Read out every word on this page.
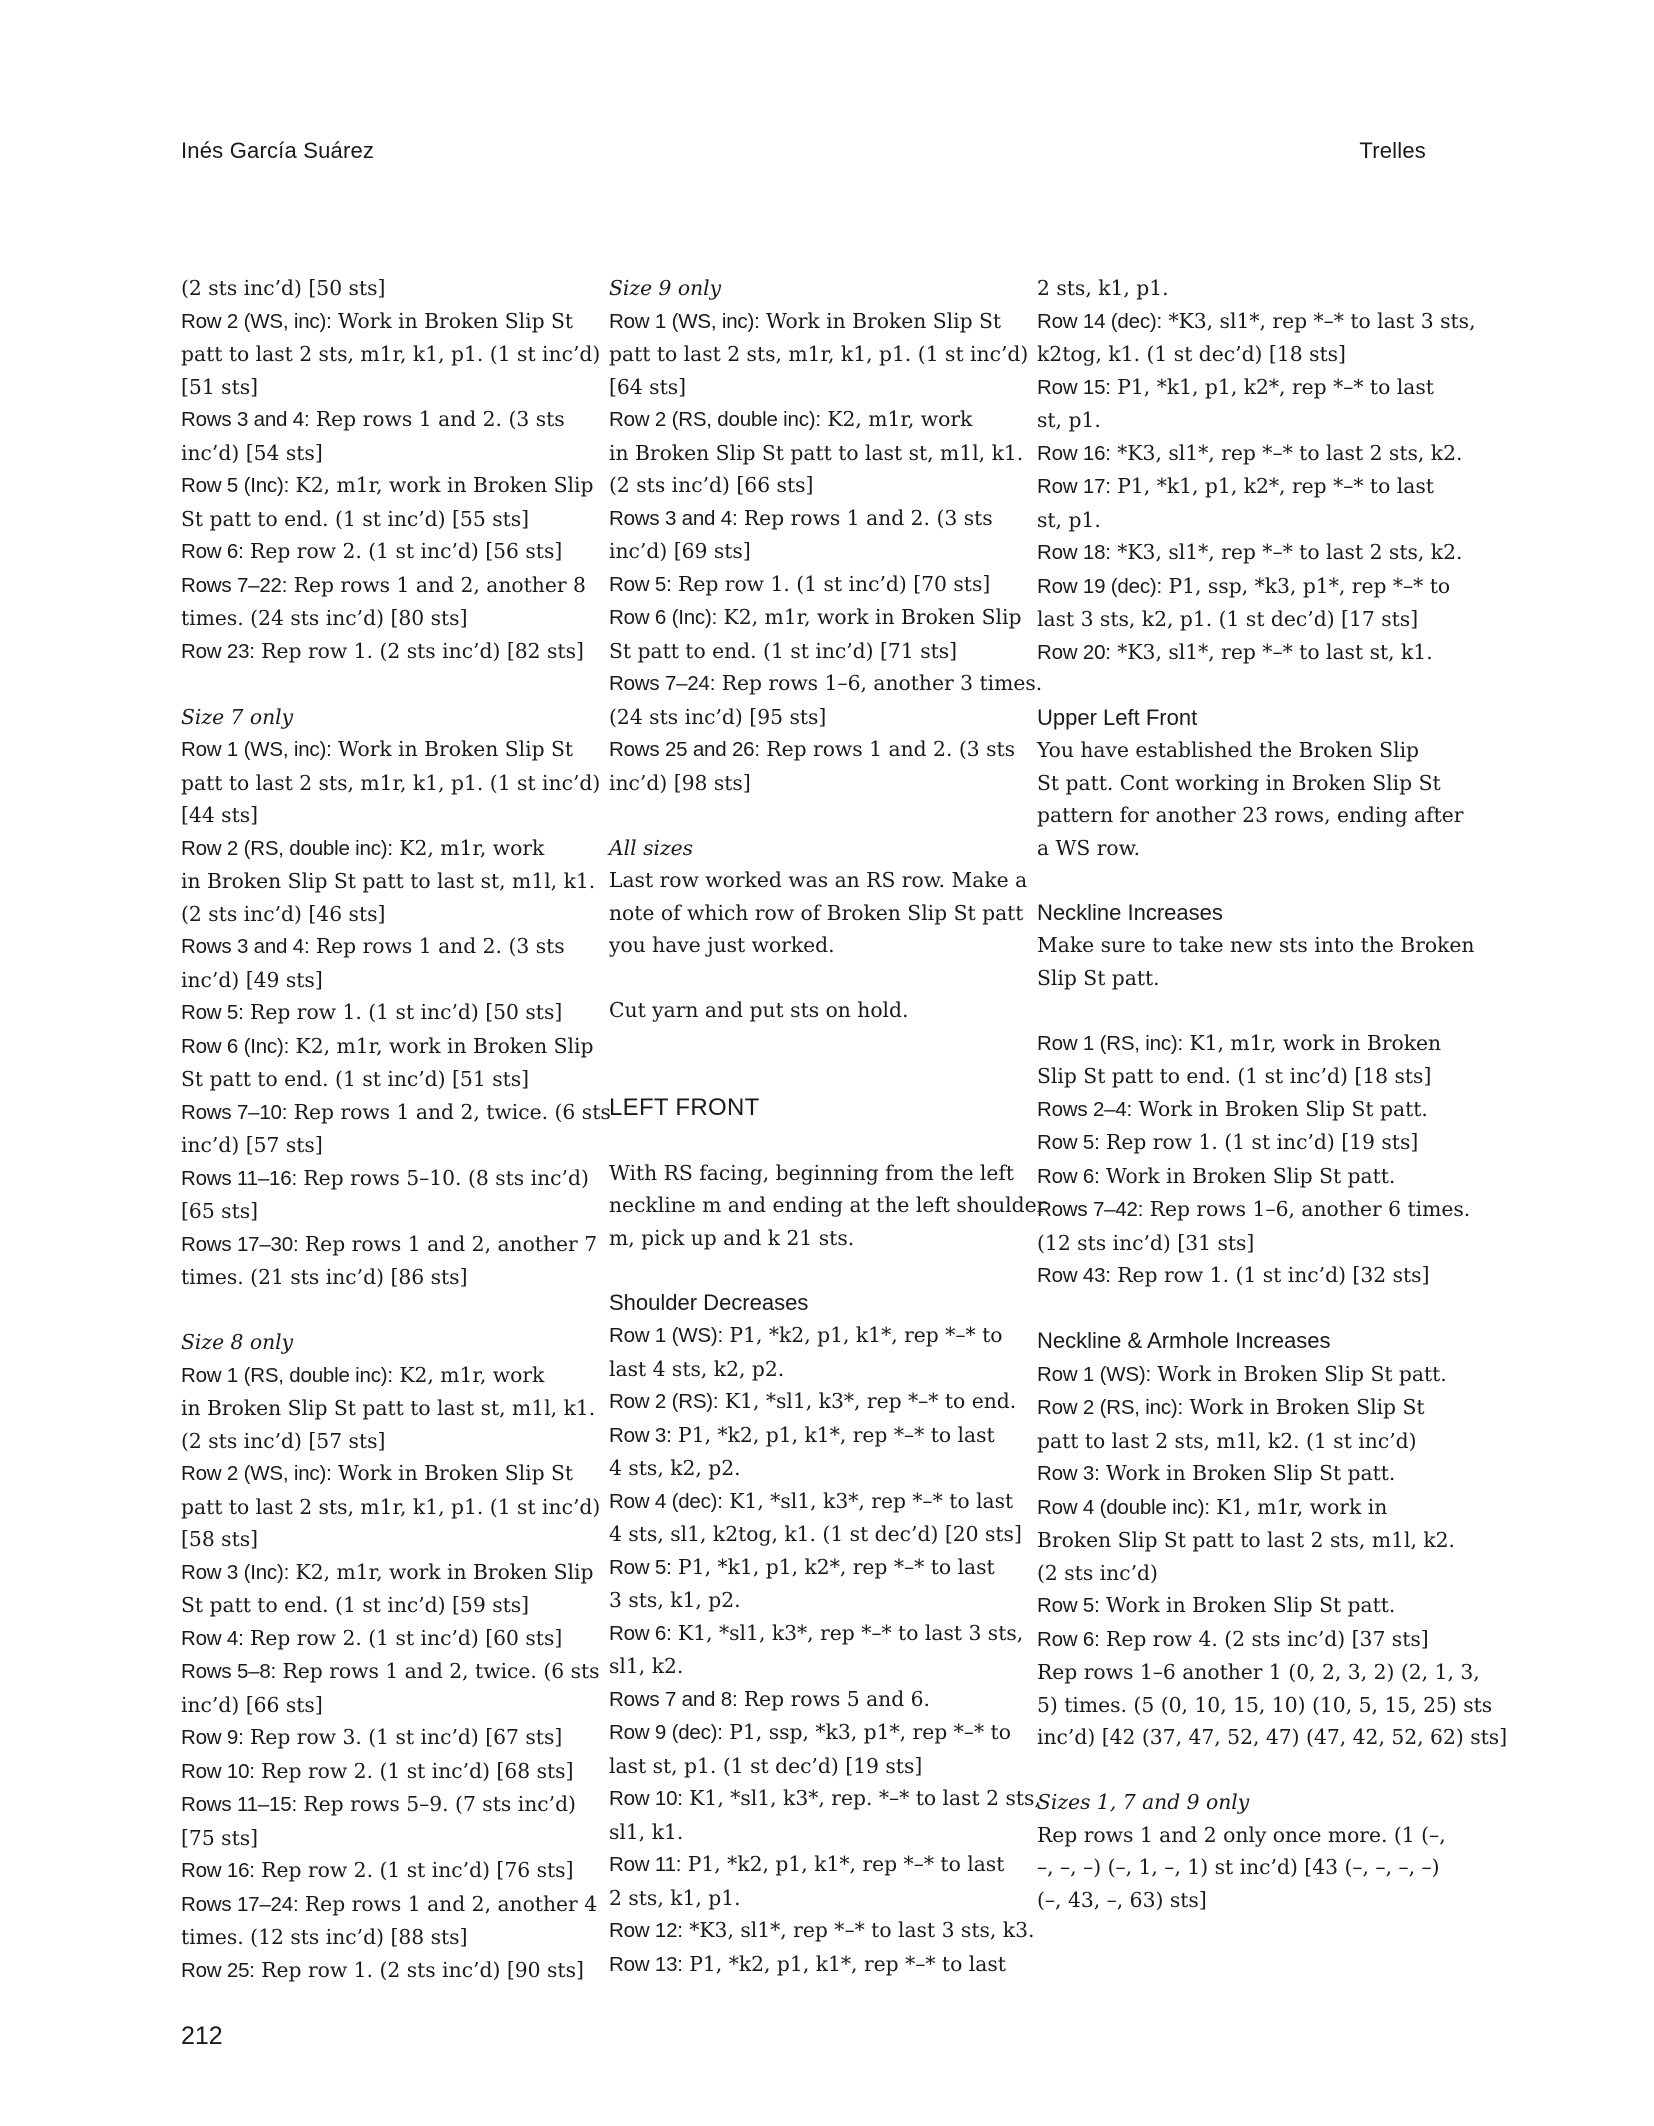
Inés García Suárez	Trelles
(2 sts inc’d) [50 sts]
Row 2 (WS, inc): Work in Broken Slip St
patt to last 2 sts, m1r, k1, p1. (1 st inc’d)
[51 sts]
Rows 3 and 4: Rep rows 1 and 2. (3 sts
inc’d) [54 sts]
Row 5 (Inc): K2, m1r, work in Broken Slip
St patt to end. (1 st inc’d) [55 sts]
Row 6: Rep row 2. (1 st inc’d) [56 sts]
Rows 7–22: Rep rows 1 and 2, another 8
times. (24 sts inc’d) [80 sts]
Row 23: Rep row 1. (2 sts inc’d) [82 sts]
Size 7 only
Row 1 (WS, inc): Work in Broken Slip St
patt to last 2 sts, m1r, k1, p1. (1 st inc’d)
[44 sts]
Row 2 (RS, double inc): K2, m1r, work
in Broken Slip St patt to last st, m1l, k1.
(2 sts inc’d) [46 sts]
Rows 3 and 4: Rep rows 1 and 2. (3 sts
inc’d) [49 sts]
Row 5: Rep row 1. (1 st inc’d) [50 sts]
Row 6 (Inc): K2, m1r, work in Broken Slip
St patt to end. (1 st inc’d) [51 sts]
Rows 7–10: Rep rows 1 and 2, twice. (6 sts
inc’d) [57 sts]
Rows 11–16: Rep rows 5–10. (8 sts inc’d)
[65 sts]
Rows 17–30: Rep rows 1 and 2, another 7
times. (21 sts inc’d) [86 sts]
Size 8 only
Row 1 (RS, double inc): K2, m1r, work
in Broken Slip St patt to last st, m1l, k1.
(2 sts inc’d) [57 sts]
Row 2 (WS, inc): Work in Broken Slip St
patt to last 2 sts, m1r, k1, p1. (1 st inc’d)
[58 sts]
Row 3 (Inc): K2, m1r, work in Broken Slip
St patt to end. (1 st inc’d) [59 sts]
Row 4: Rep row 2. (1 st inc’d) [60 sts]
Rows 5–8: Rep rows 1 and 2, twice. (6 sts
inc’d) [66 sts]
Row 9: Rep row 3. (1 st inc’d) [67 sts]
Row 10: Rep row 2. (1 st inc’d) [68 sts]
Rows 11–15: Rep rows 5–9. (7 sts inc’d)
[75 sts]
Row 16: Rep row 2. (1 st inc’d) [76 sts]
Rows 17–24: Rep rows 1 and 2, another 4
times. (12 sts inc’d) [88 sts]
Row 25: Rep row 1. (2 sts inc’d) [90 sts]
Size 9 only
Row 1 (WS, inc): Work in Broken Slip St
patt to last 2 sts, m1r, k1, p1. (1 st inc’d)
[64 sts]
Row 2 (RS, double inc): K2, m1r, work
in Broken Slip St patt to last st, m1l, k1.
(2 sts inc’d) [66 sts]
Rows 3 and 4: Rep rows 1 and 2. (3 sts
inc’d) [69 sts]
Row 5: Rep row 1. (1 st inc’d) [70 sts]
Row 6 (Inc): K2, m1r, work in Broken Slip
St patt to end. (1 st inc’d) [71 sts]
Rows 7–24: Rep rows 1–6, another 3 times.
(24 sts inc’d) [95 sts]
Rows 25 and 26: Rep rows 1 and 2. (3 sts
inc’d) [98 sts]
All sizes
Last row worked was an RS row. Make a
note of which row of Broken Slip St patt
you have just worked.
Cut yarn and put sts on hold.
LEFT FRONT
With RS facing, beginning from the left
neckline m and ending at the left shoulder
m, pick up and k 21 sts.
Shoulder Decreases
Row 1 (WS): P1, *k2, p1, k1*, rep *–* to
last 4 sts, k2, p2.
Row 2 (RS): K1, *sl1, k3*, rep *–* to end.
Row 3: P1, *k2, p1, k1*, rep *–* to last
4 sts, k2, p2.
Row 4 (dec): K1, *sl1, k3*, rep *–* to last
4 sts, sl1, k2tog, k1. (1 st dec’d) [20 sts]
Row 5: P1, *k1, p1, k2*, rep *–* to last
3 sts, k1, p2.
Row 6: K1, *sl1, k3*, rep *–* to last 3 sts,
sl1, k2.
Rows 7 and 8: Rep rows 5 and 6.
Row 9 (dec): P1, ssp, *k3, p1*, rep *–* to
last st, p1. (1 st dec’d) [19 sts]
Row 10: K1, *sl1, k3*, rep. *–* to last 2 sts,
sl1, k1.
Row 11: P1, *k2, p1, k1*, rep *–* to last
2 sts, k1, p1.
Row 12: *K3, sl1*, rep *–* to last 3 sts, k3.
Row 13: P1, *k2, p1, k1*, rep *–* to last
2 sts, k1, p1.
Row 14 (dec): *K3, sl1*, rep *–* to last 3 sts,
k2tog, k1. (1 st dec’d) [18 sts]
Row 15: P1, *k1, p1, k2*, rep *–* to last
st, p1.
Row 16: *K3, sl1*, rep *–* to last 2 sts, k2.
Row 17: P1, *k1, p1, k2*, rep *–* to last
st, p1.
Row 18: *K3, sl1*, rep *–* to last 2 sts, k2.
Row 19 (dec): P1, ssp, *k3, p1*, rep *–* to
last 3 sts, k2, p1. (1 st dec’d) [17 sts]
Row 20: *K3, sl1*, rep *–* to last st, k1.
Upper Left Front
You have established the Broken Slip
St patt. Cont working in Broken Slip St
pattern for another 23 rows, ending after
a WS row.
Neckline Increases
Make sure to take new sts into the Broken
Slip St patt.
Row 1 (RS, inc): K1, m1r, work in Broken
Slip St patt to end. (1 st inc’d) [18 sts]
Rows 2–4: Work in Broken Slip St patt.
Row 5: Rep row 1. (1 st inc’d) [19 sts]
Row 6: Work in Broken Slip St patt.
Rows 7–42: Rep rows 1–6, another 6 times.
(12 sts inc’d) [31 sts]
Row 43: Rep row 1. (1 st inc’d) [32 sts]
Neckline & Armhole Increases
Row 1 (WS): Work in Broken Slip St patt.
Row 2 (RS, inc): Work in Broken Slip St
patt to last 2 sts, m1l, k2. (1 st inc’d)
Row 3: Work in Broken Slip St patt.
Row 4 (double inc): K1, m1r, work in
Broken Slip St patt to last 2 sts, m1l, k2.
(2 sts inc’d)
Row 5: Work in Broken Slip St patt.
Row 6: Rep row 4. (2 sts inc’d) [37 sts]
Rep rows 1–6 another 1 (0, 2, 3, 2) (2, 1, 3,
5) times. (5 (0, 10, 15, 10) (10, 5, 15, 25) sts
inc’d) [42 (37, 47, 52, 47) (47, 42, 52, 62) sts]
Sizes 1, 7 and 9 only
Rep rows 1 and 2 only once more. (1 (–,
–, –, –) (–, 1, –, 1) st inc’d) [43 (–, –, –, –)
(–, 43, –, 63) sts]
212
